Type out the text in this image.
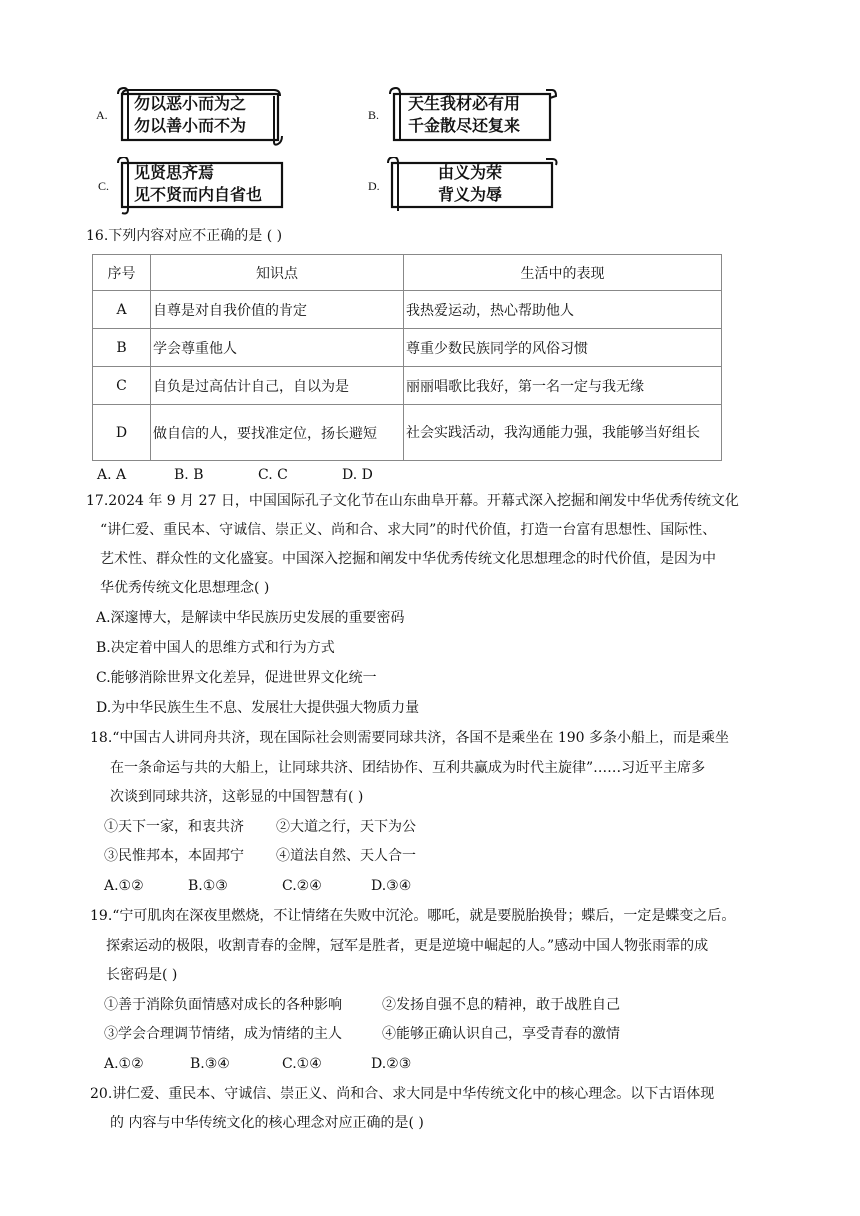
A.
勿以恶小而为之
勿以善小而不为
B.
天生我材必有用
千金散尽还复来
C.
见贤思齐焉
见不贤而内自省也	D.
由义为荣
背义为辱
16.下列内容对应不正确的是 ( )
序号	知识点	生活中的表现
A	自尊是对自我价值的肯定	我热爱运动，热心帮助他人
B	学会尊重他人	尊重少数民族同学的风俗习惯
C	自负是过高估计自己，自以为是	丽丽唱歌比我好，第一名一定与我无缘
D	做自信的人，要找准定位，扬长避短	社会实践活动，我沟通能力强，我能够当好组长
A. A	B. B	C. C	D. D
17.2024 年 9 月 27 日，中国国际孔子文化节在山东曲阜开幕。开幕式深入挖掘和阐发中华优秀传统文化
“讲仁爱、重民本、守诚信、崇正义、尚和合、求大同”的时代价值，打造一台富有思想性、国际性、
艺术性、群众性的文化盛宴。中国深入挖掘和阐发中华优秀传统文化思想理念的时代价值，是因为中
华优秀传统文化思想理念( )
A.深邃博大，是解读中华民族历史发展的重要密码
B.决定着中国人的思维方式和行为方式
C.能够消除世界文化差异，促进世界文化统一
D.为中华民族生生不息、发展壮大提供强大物质力量
18.“中国古人讲同舟共济，现在国际社会则需要同球共济，各国不是乘坐在 190 多条小船上，而是乘坐
在一条命运与共的大船上，让同球共济、团结协作、互利共赢成为时代主旋律”……习近平主席多
次谈到同球共济，这彰显的中国智慧有( )
①天下一家，和衷共济 ②大道之行，天下为公
③民惟邦本，本固邦宁 ④道法自然、天人合一
A.①②	B.①③	C.②④	D.③④
19.“宁可肌肉在深夜里燃烧，不让情绪在失败中沉沦。哪吒，就是要脱胎换骨；蝶后，一定是蝶变之后。
探索运动的极限，收割青春的金牌，冠军是胜者，更是逆境中崛起的人。”感动中国人物张雨霏的成
长密码是( )
①善于消除负面情感对成长的各种影响	②发扬自强不息的精神，敢于战胜自己
③学会合理调节情绪，成为情绪的主人	④能够正确认识自己，享受青春的激情
A.①②	B.③④	C.①④	D.②③
20.讲仁爱、重民本、守诚信、崇正义、尚和合、求大同是中华传统文化中的核心理念。以下古语体现
的 内容与中华传统文化的核心理念对应正确的是( )
